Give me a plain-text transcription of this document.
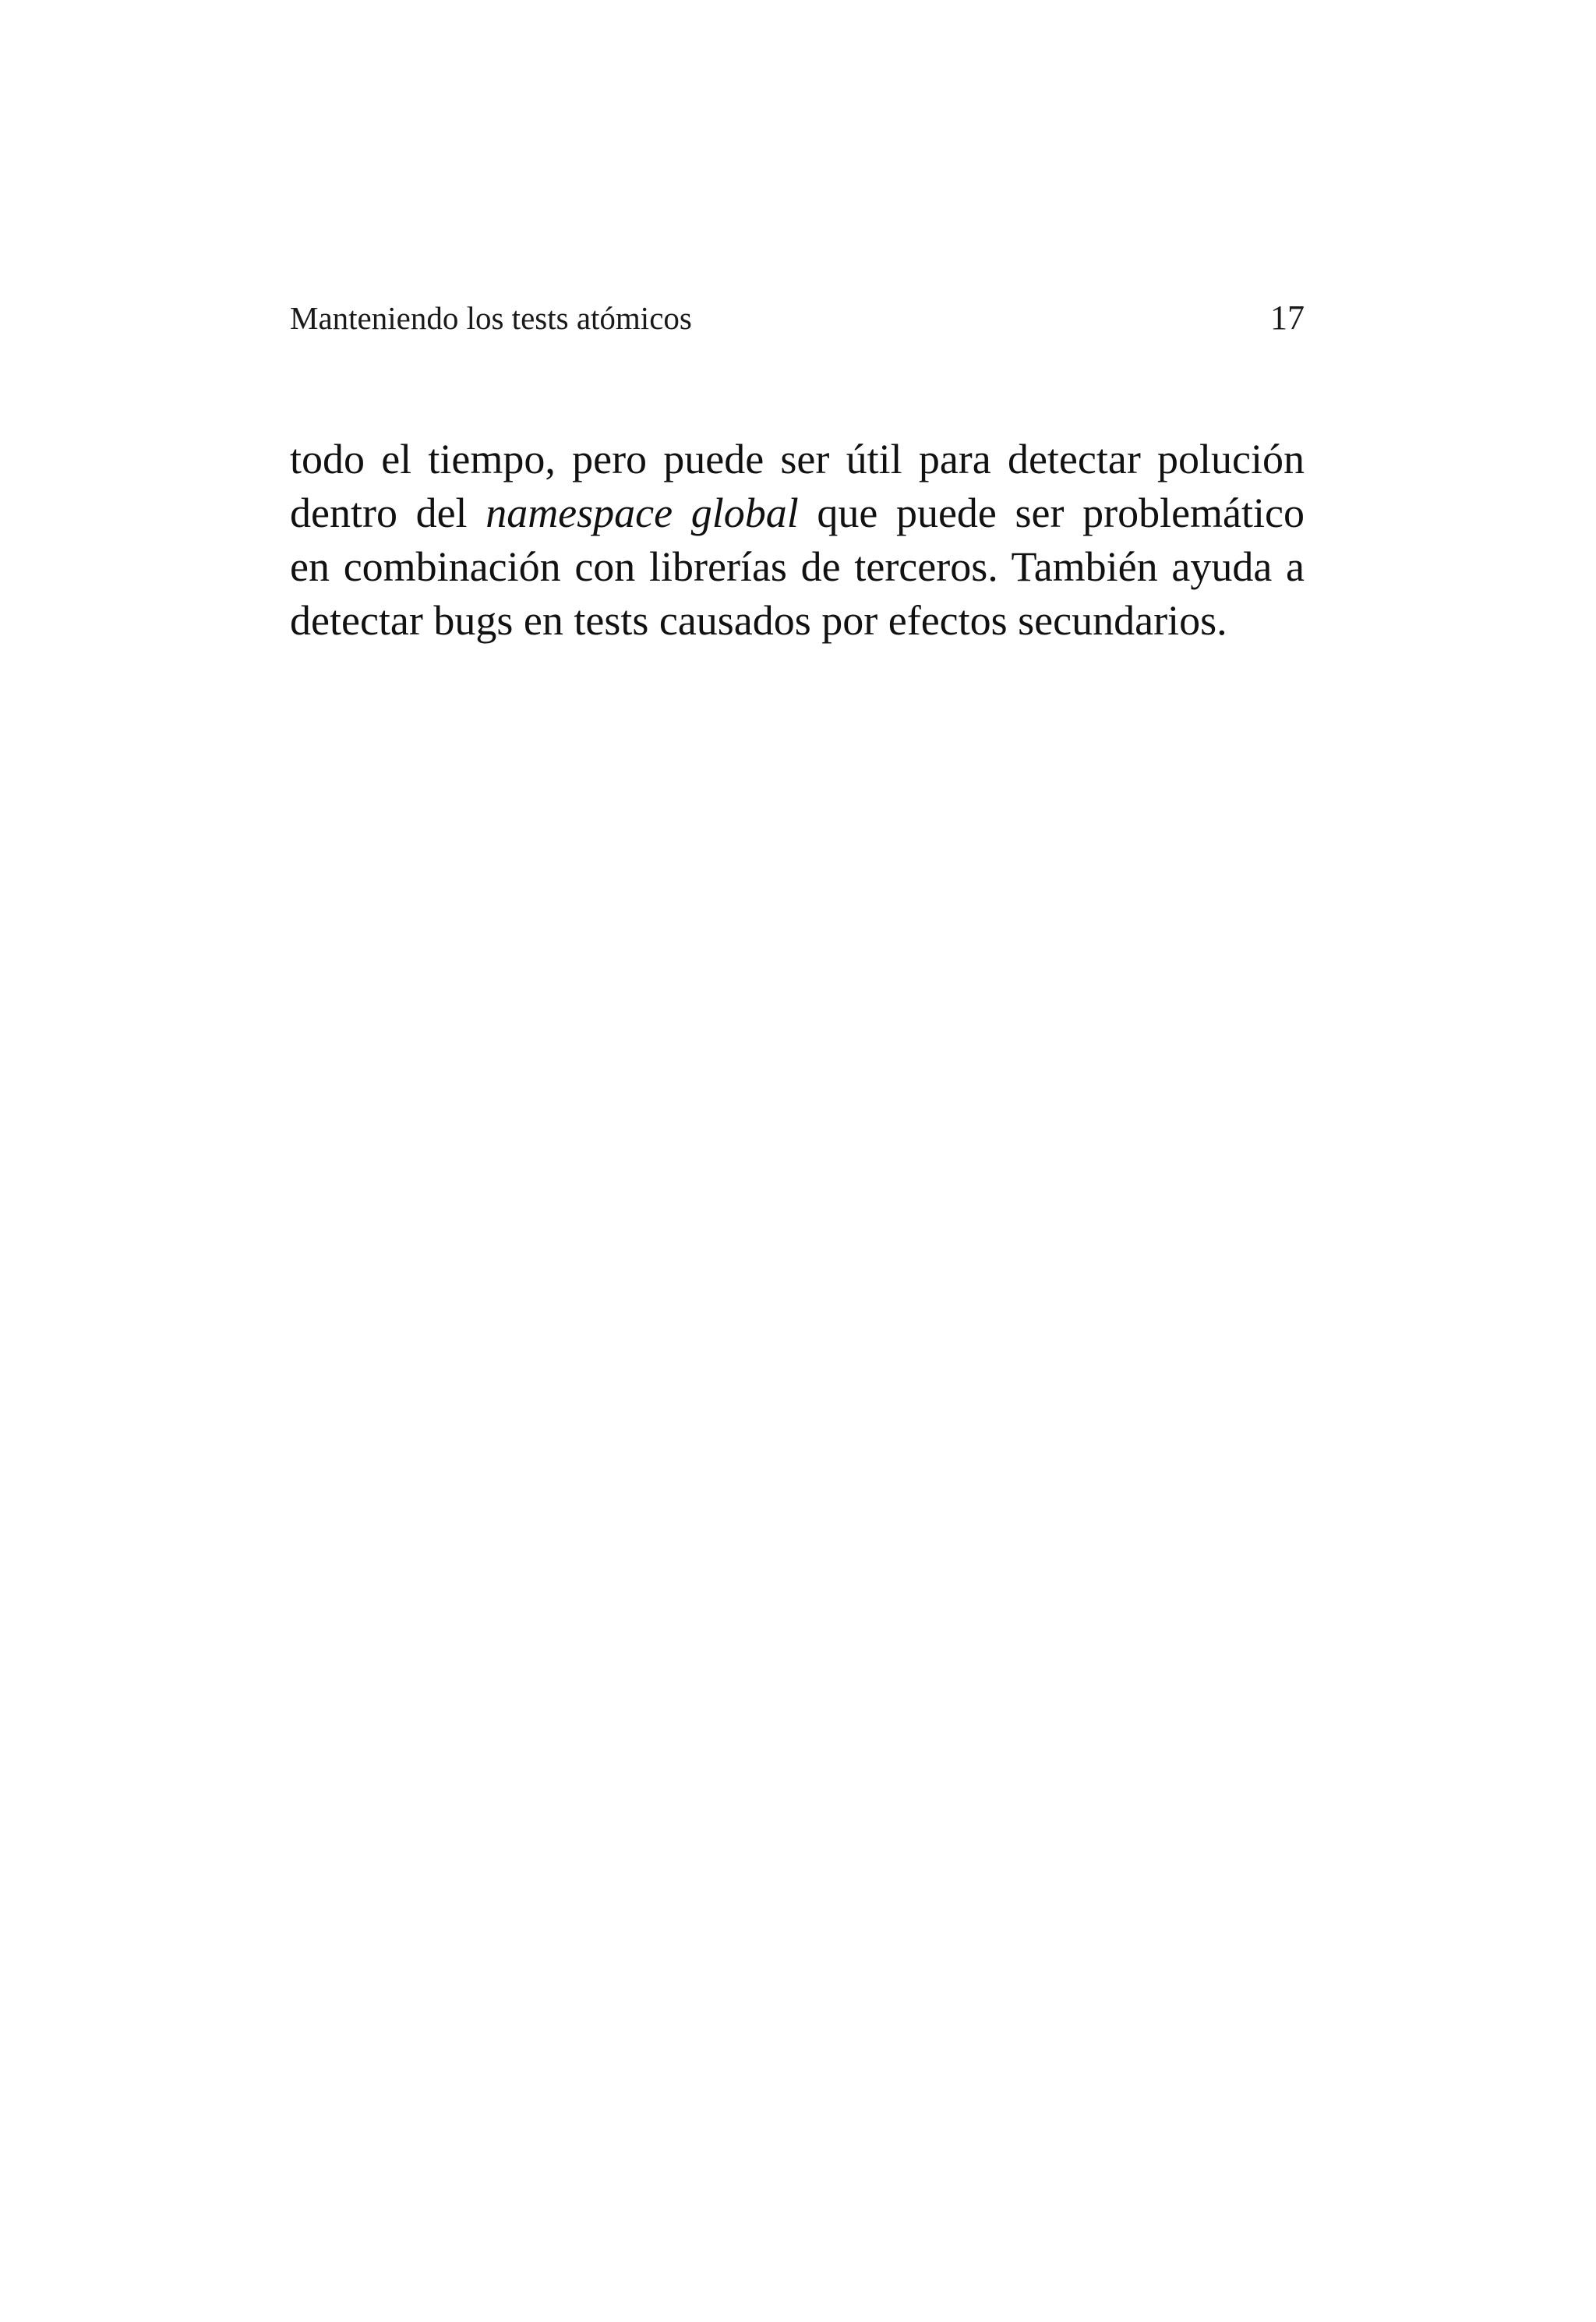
Manteniendo los tests atómicos	17

todo el tiempo, pero puede ser útil para detectar polución
dentro del namespace global que puede ser problemático
en combinación con librerías de terceros. También ayuda a
detectar bugs en tests causados por efectos secundarios.
